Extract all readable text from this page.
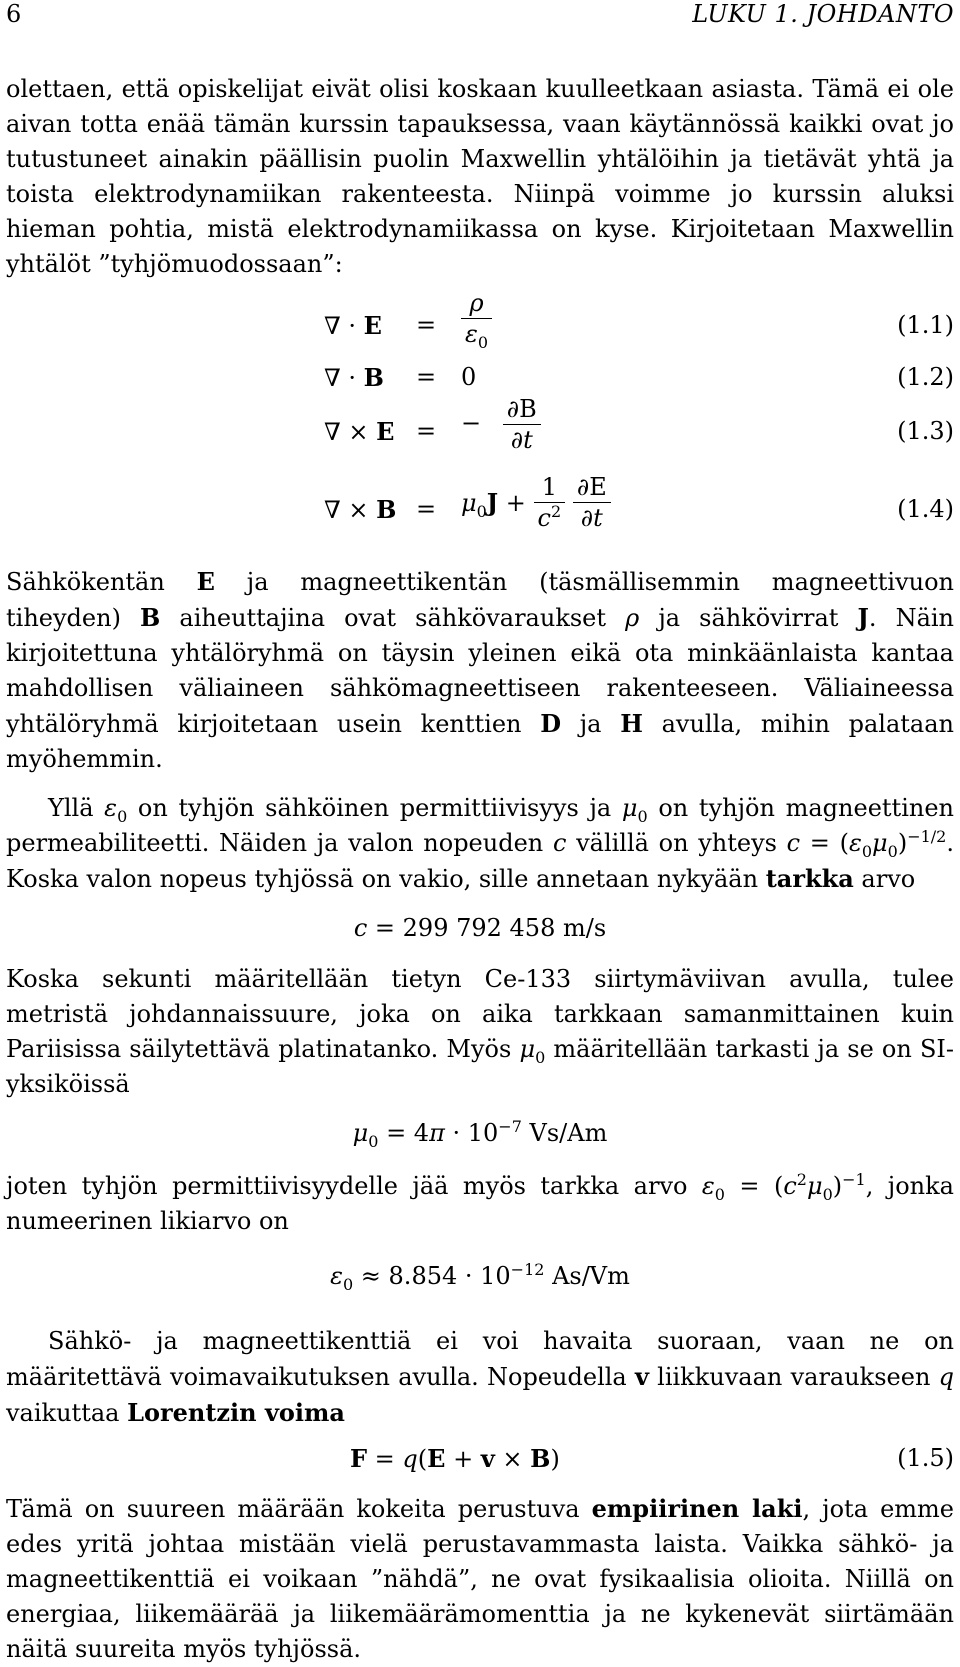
6	LUKU 1. JOHDANTO

olettaen, että opiskelijat eivät olisi koskaan kuulleetkaan asiasta. Tämä ei ole aivan totta enää tämän kurssin tapauksessa, vaan käytännössä kaikki ovat jo tutustuneet ainakin päällisin puolin Maxwellin yhtälöihin ja tietävät yhtä ja toista elektrodynamiikan rakenteesta. Niinpä voimme jo kurssin aluksi hieman pohtia, mistä elektrodynamiikassa on kyse. Kirjoitetaan Maxwellin yhtälöt ”tyhjömuodossaan”:

∇ · E	= $\frac{\rho}{\varepsilon_0}$	(1.1)
∇ · B	= 0	(1.2)
∇ × E = − $\frac{\partial B}{\partial t}$	(1.3)
∇ × $B = \mu_0J + \frac{1}{c^2}$
$\frac{\partial E}{\partial t}$	(1.4)

Sähkökentän E ja magneettikentän (täsmällisemmin magneettivuon tiheyden) B aiheuttajina ovat sähkövaraukset ρ ja sähkövirrat J. Näin kirjoitettuna yhtälöryhmä on täysin yleinen eikä ota minkäänlaista kantaa mahdollisen väliaineen sähkömagneettiseen rakenteeseen. Väliaineessa yhtälöryhmä kirjoitetaan usein kenttien D ja H avulla, mihin palataan myöhemmin.

Yllä $\varepsilon_0$ on tyhjön sähköinen permittiivisyys ja $\mu_0$ on tyhjön magneettinen permeabiliteetti. Näiden ja valon nopeuden c välillä on yhteys $c = (\varepsilon_0\mu_0)^{-1/2}$. Koska valon nopeus tyhjössä on vakio, sille annetaan nykyään tarkka arvo

c = 299 792 458 m/s

Koska sekunti määritellään tietyn Ce-133 siirtymäviivan avulla, tulee metristä johdannaissuure, joka on aika tarkkaan samanmittainen kuin Pariisissa säilytettävä platinatanko. Myös $\mu_0$ määritellään tarkasti ja se on SI-yksiköissä

$\mu_0 = 4\pi \cdot 10^{-7}$ Vs/Am

joten tyhjön permittiivisyydelle jää myös tarkka arvo $\varepsilon_0 = (c^2\mu_0)^{-1}$, jonka numeerinen likiarvo on

$\varepsilon_0 \approx 8.854 \cdot 10^{-12}$ As/Vm

Sähkö- ja magneettikenttiä ei voi havaita suoraan, vaan ne on määritettävä voimavaikutuksen avulla. Nopeudella v liikkuvaan varaukseen q vaikuttaa Lorentzin voima

F = q(E + v × B)	(1.5)

Tämä on suureen määrään kokeita perustuva empiirinen laki, jota emme edes yritä johtaa mistään vielä perustavammasta laista. Vaikka sähkö- ja magneettikenttiä ei voikaan ”nähdä”, ne ovat fysikaalisia olioita. Niillä on energiaa, liikemäärää ja liikemäärämomenttia ja ne kykenevät siirtämään näitä suureita myös tyhjössä.
